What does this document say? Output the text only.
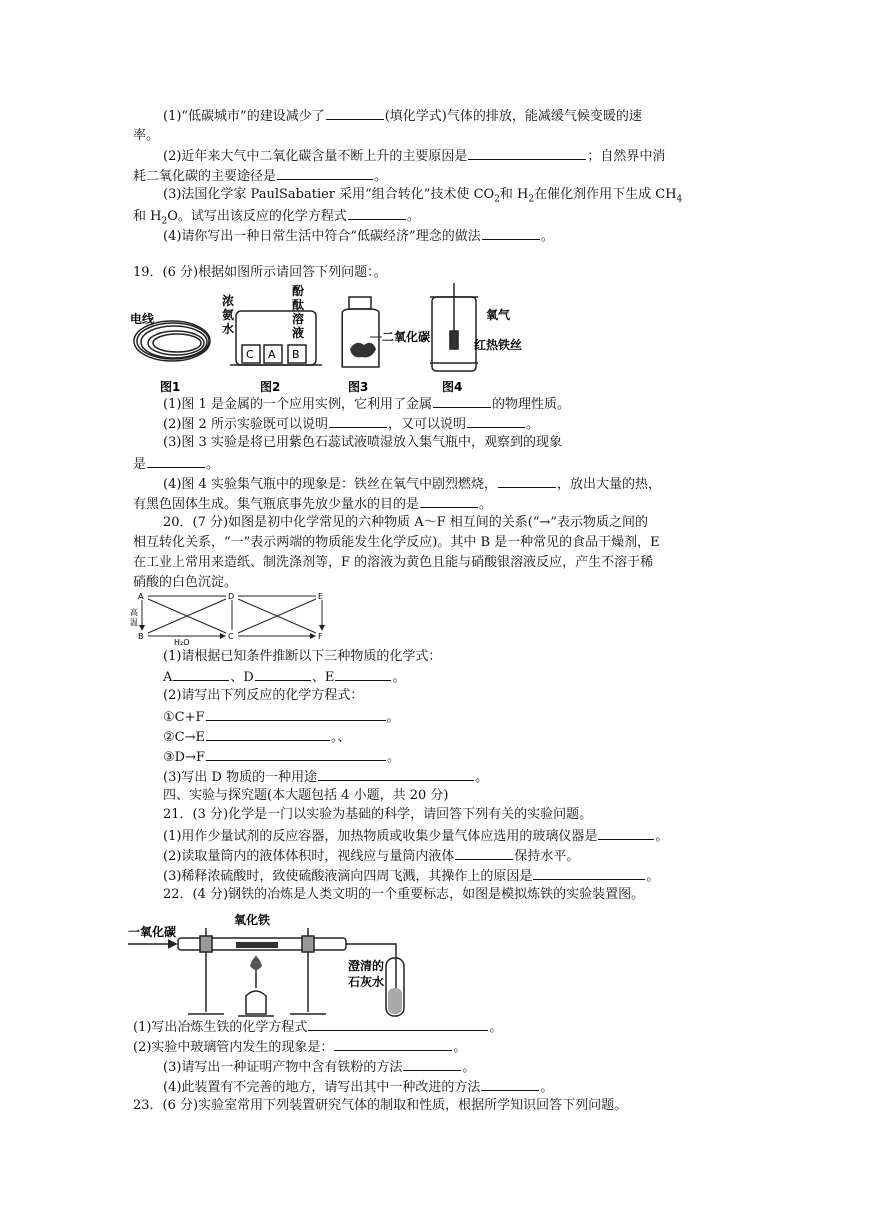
(1)“低碳城市”的建设减少了	(填化学式)气体的排放，能减缓气候变暖的速
率。
(2)近年来大气中二氧化碳含量不断上升的主要原因是	；自然界中消
耗二氧化碳的主要途径是	。
(3)法国化学家 PaulSabatier 采用“组合转化”技术使 $CO_2$和 $H_2$在催化剂作用下生成 $CH_4$
和 $H_2O$。试写出该反应的化学方程式	。
(4)请你写出一种日常生活中符合“低碳经济”理念的做法	。
19．(6 分)根据如图所示请回答下列问题：。
电线
C A B
浓
氨
水
酚
酞
溶
液	二氧化碳
氧气
红热铁丝
图1	图2	图3	图4
(1)图 1 是金属的一个应用实例，它利用了金属	的物理性质。
(2)图 2 所示实验既可以说明	，又可以说明	。
(3)图 3 实验是将已用紫色石蕊试液喷湿放入集气瓶中，观察到的现象
是	。
(4)图 4 实验集气瓶中的现象是：铁丝在氧气中剧烈燃烧，	，放出大量的热，
有黑色固体生成。集气瓶底事先放少量水的目的是	。
20．(7 分)如图是初中化学常见的六种物质 A～F 相互间的关系(“→”表示物质之间的
相互转化关系，“一”表示两端的物质能发生化学反应)。其中 B 是一种常见的食品干燥剂，E
在工业上常用来造纸、制洗涤剂等，F 的溶液为黄色且能与硝酸银溶液反应，产生不溶于稀
硝酸的白色沉淀。
A	D	E
B	C	F
高
温
H₂O
(1)请根据已知条件推断以下三种物质的化学式：
A	、D	、E	。
(2)请写出下列反应的化学方程式：
①C+F	。
②C→E	。、
③D→F	。
(3)写出 D 物质的一种用途	。
四、实验与探究题(本大题包括 4 小题，共 20 分)
21．(3 分)化学是一门以实验为基础的科学，请回答下列有关的实验问题。
(1)用作少量试剂的反应容器，加热物质或收集少量气体应选用的玻璃仪器是	。
(2)读取量筒内的液体体积时，视线应与量筒内液体	保持水平。
(3)稀释浓硫酸时，致使硫酸液滴向四周飞溅，其操作上的原因是	。
22．(4 分)钢铁的冶炼是人类文明的一个重要标志，如图是模拟炼铁的实验装置图。
一氧化碳
氧化铁
澄清的
石灰水
(1)写出冶炼生铁的化学方程式	。
(2)实验中玻璃管内发生的现象是：	。
(3)请写出一种证明产物中含有铁粉的方法	。
(4)此装置有不完善的地方，请写出其中一种改进的方法	。
23．(6 分)实验室常用下列装置研究气体的制取和性质，根据所学知识回答下列问题。
